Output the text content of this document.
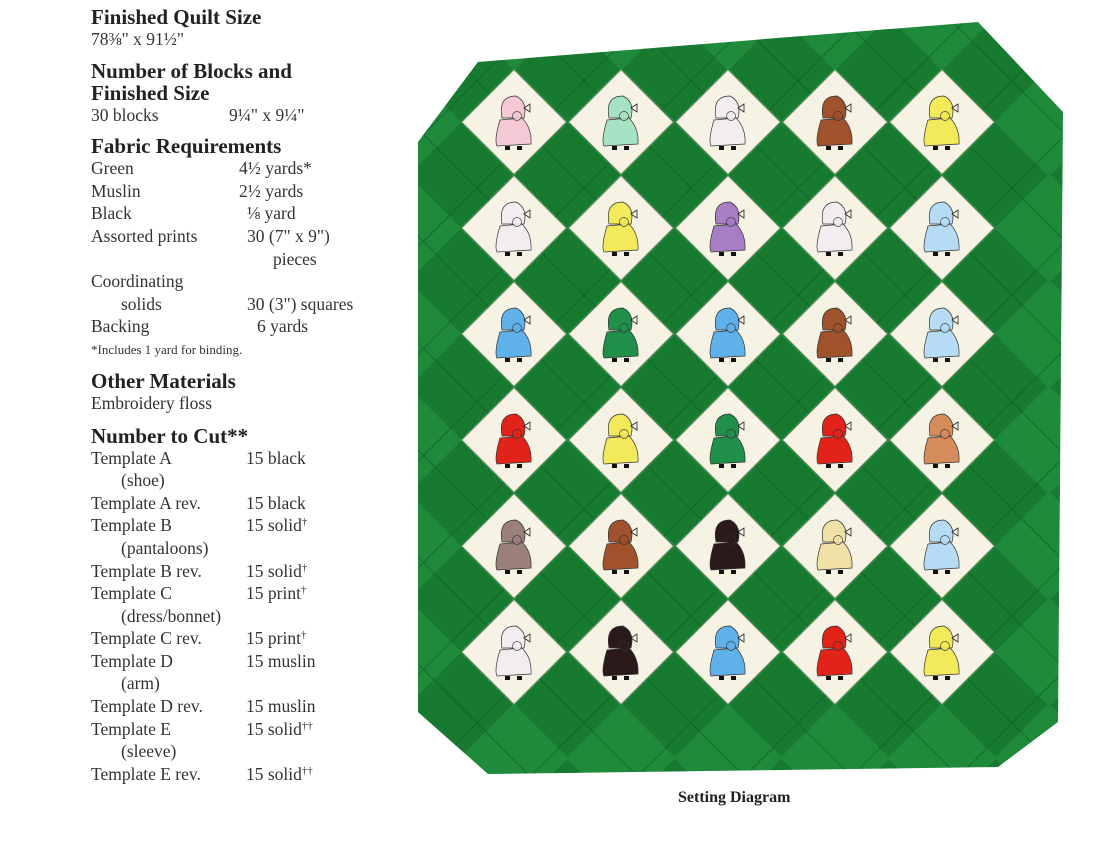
Finished Quilt Size
78⅜" x 91½"
Number of Blocks and
Finished Size
30 blocks	9¼" x 9¼"
Fabric Requirements
Green	4½ yards*
Muslin	2½ yards
Black	⅛ yard
Assorted prints	30 (7" x 9")
pieces
Coordinating
solids	30 (3") squares
Backing	6 yards
*Includes 1 yard for binding.
Other Materials
Embroidery floss
Number to Cut**
Template A	15 black
(shoe)
Template A rev.	15 black
Template B	15 solid†
(pantaloons)
Template B rev.	15 solid†
Template C	15 print†
(dress/bonnet)
Template C rev.	15 print†
Template D	15 muslin
(arm)
Template D rev. 15 muslin
Template E	15 solid††
(sleeve)
Template E rev.	15 solid††
Setting Diagram
